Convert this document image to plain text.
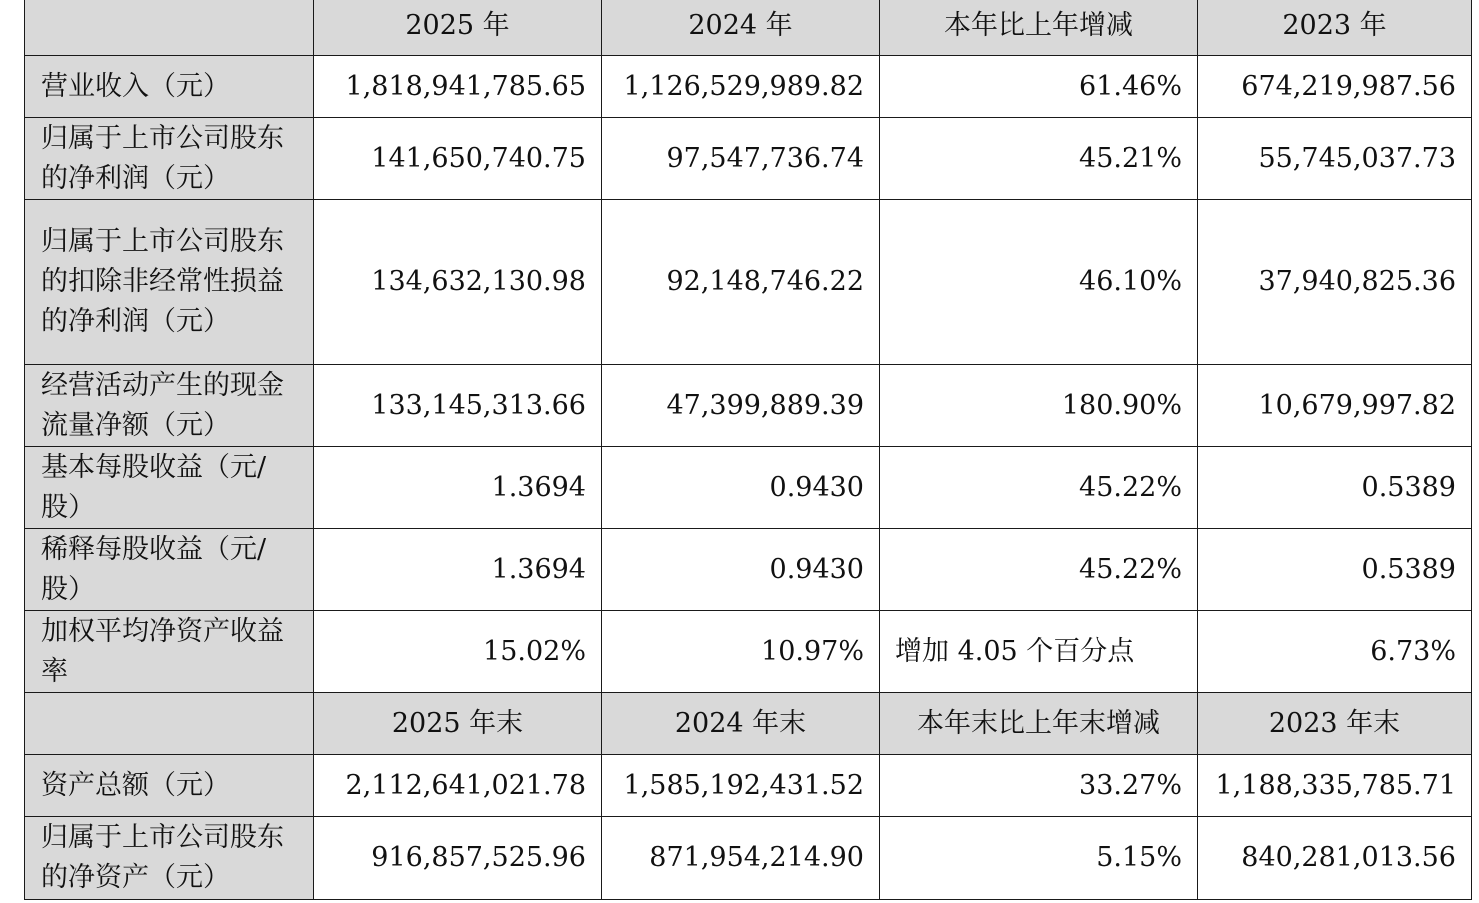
	2025 年	2024 年	本年比上年增减	2023 年
营业收入（元）	1,818,941,785.65	1,126,529,989.82	61.46%	674,219,987.56
归属于上市公司股东的净利润（元）	141,650,740.75	97,547,736.74	45.21%	55,745,037.73
归属于上市公司股东的扣除非经常性损益的净利润（元）	134,632,130.98	92,148,746.22	46.10%	37,940,825.36
经营活动产生的现金流量净额（元）	133,145,313.66	47,399,889.39	180.90%	10,679,997.82
基本每股收益（元/股）	1.3694	0.9430	45.22%	0.5389
稀释每股收益（元/股）	1.3694	0.9430	45.22%	0.5389
加权平均净资产收益率	15.02%	10.97%	增加 4.05 个百分点	6.73%
	2025 年末	2024 年末	本年末比上年末增减	2023 年末
资产总额（元）	2,112,641,021.78	1,585,192,431.52	33.27%	1,188,335,785.71
归属于上市公司股东的净资产（元）	916,857,525.96	871,954,214.90	5.15%	840,281,013.56
